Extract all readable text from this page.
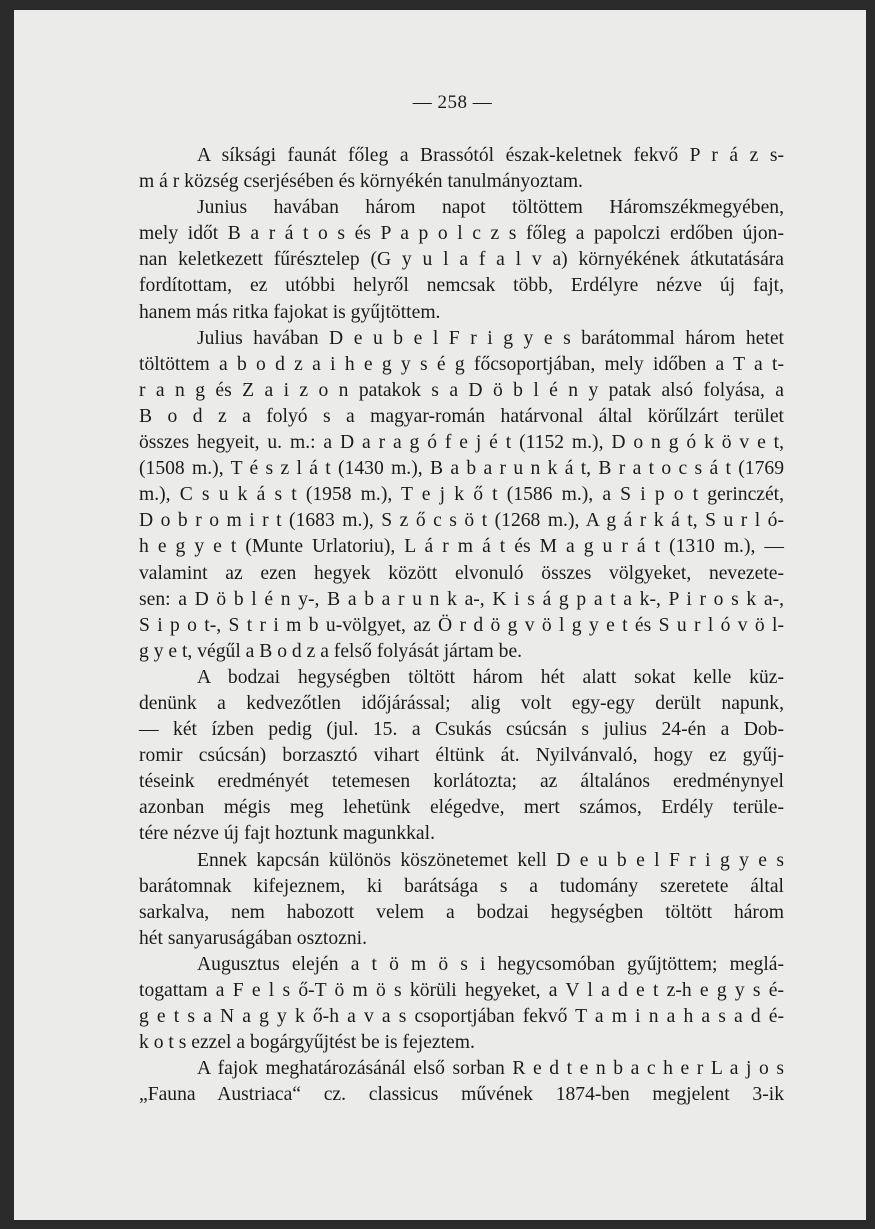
— 258 —
A síksági faunát főleg a Brassótól észak-keletnek fekvő P r á z s-
m á r község cserjésében és környékén tanulmányoztam.
Junius havában három napot töltöttem Háromszékmegyében,
mely időt B a r á t o s és P a p o l c z s főleg a papolczi erdőben újon-
nan keletkezett fűrésztelep (G y u l a f a l v a) környékének átkutatására
fordítottam, ez utóbbi helyről nemcsak több, Erdélyre nézve új fajt,
hanem más ritka fajokat is gyűjtöttem.
Julius havában D e u b e l F r i g y e s barátommal három hetet
töltöttem a b o d z a i h e g y s é g főcsoportjában, mely időben a T a t-
r a n g és Z a i z o n patakok s a D ö b l é n y patak alsó folyása, a
B o d z a folyó s a magyar-román határvonal által körűlzárt terület
összes hegyeit, u. m.: a D a r a g ó f e j é t (1152 m.), D o n g ó k ö v e t,
(1508 m.), T é s z l á t (1430 m.), B a b a r u n k á t, B r a t o c s á t (1769
m.), C s u k á s t (1958 m.), T e j k ő t (1586 m.), a S i p o t gerinczét,
D o b r o m i r t (1683 m.), S z ő c s ö t (1268 m.), A g á r k á t, S u r l ó-
h e g y e t (Munte Urlatoriu), L á r m á t és M a g u r á t (1310 m.), —
valamint az ezen hegyek között elvonuló összes völgyeket, nevezete-
sen: a D ö b l é n y-, B a b a r u n k a-, K i s á g p a t a k-, P i r o s k a-,
S i p o t-, S t r i m b u-völgyet, az Ö r d ö g v ö l g y e t és S u r l ó v ö l-
g y e t, végűl a B o d z a felső folyását jártam be.
A bodzai hegységben töltött három hét alatt sokat kelle küz-
denünk a kedvezőtlen időjárással; alig volt egy-egy derült napunk,
— két ízben pedig (jul. 15. a Csukás csúcsán s julius 24-én a Dob-
romir csúcsán) borzasztó vihart éltünk át. Nyilvánvaló, hogy ez gyűj-
téseink eredményét tetemesen korlátozta; az általános eredménynyel
azonban mégis meg lehetünk elégedve, mert számos, Erdély terüle-
tére nézve új fajt hoztunk magunkkal.
Ennek kapcsán különös köszönetemet kell D e u b e l F r i g y e s
barátomnak kifejeznem, ki barátsága s a tudomány szeretete által
sarkalva, nem habozott velem a bodzai hegységben töltött három
hét sanyaruságában osztozni.
Augusztus elején a t ö m ö s i hegycsomóban gyűjtöttem; meglá-
togattam a F e l s ő-T ö m ö s körüli hegyeket, a V l a d e t z-h e g y s é-
g e t s a N a g y k ő-h a v a s csoportjában fekvő T a m i n a h a s a d é-
k o t s ezzel a bogárgyűjtést be is fejeztem.
A fajok meghatározásánál első sorban R e d t e n b a c h e r L a j o s
„Fauna Austriaca“ cz. classicus művének 1874-ben megjelent 3-ik
